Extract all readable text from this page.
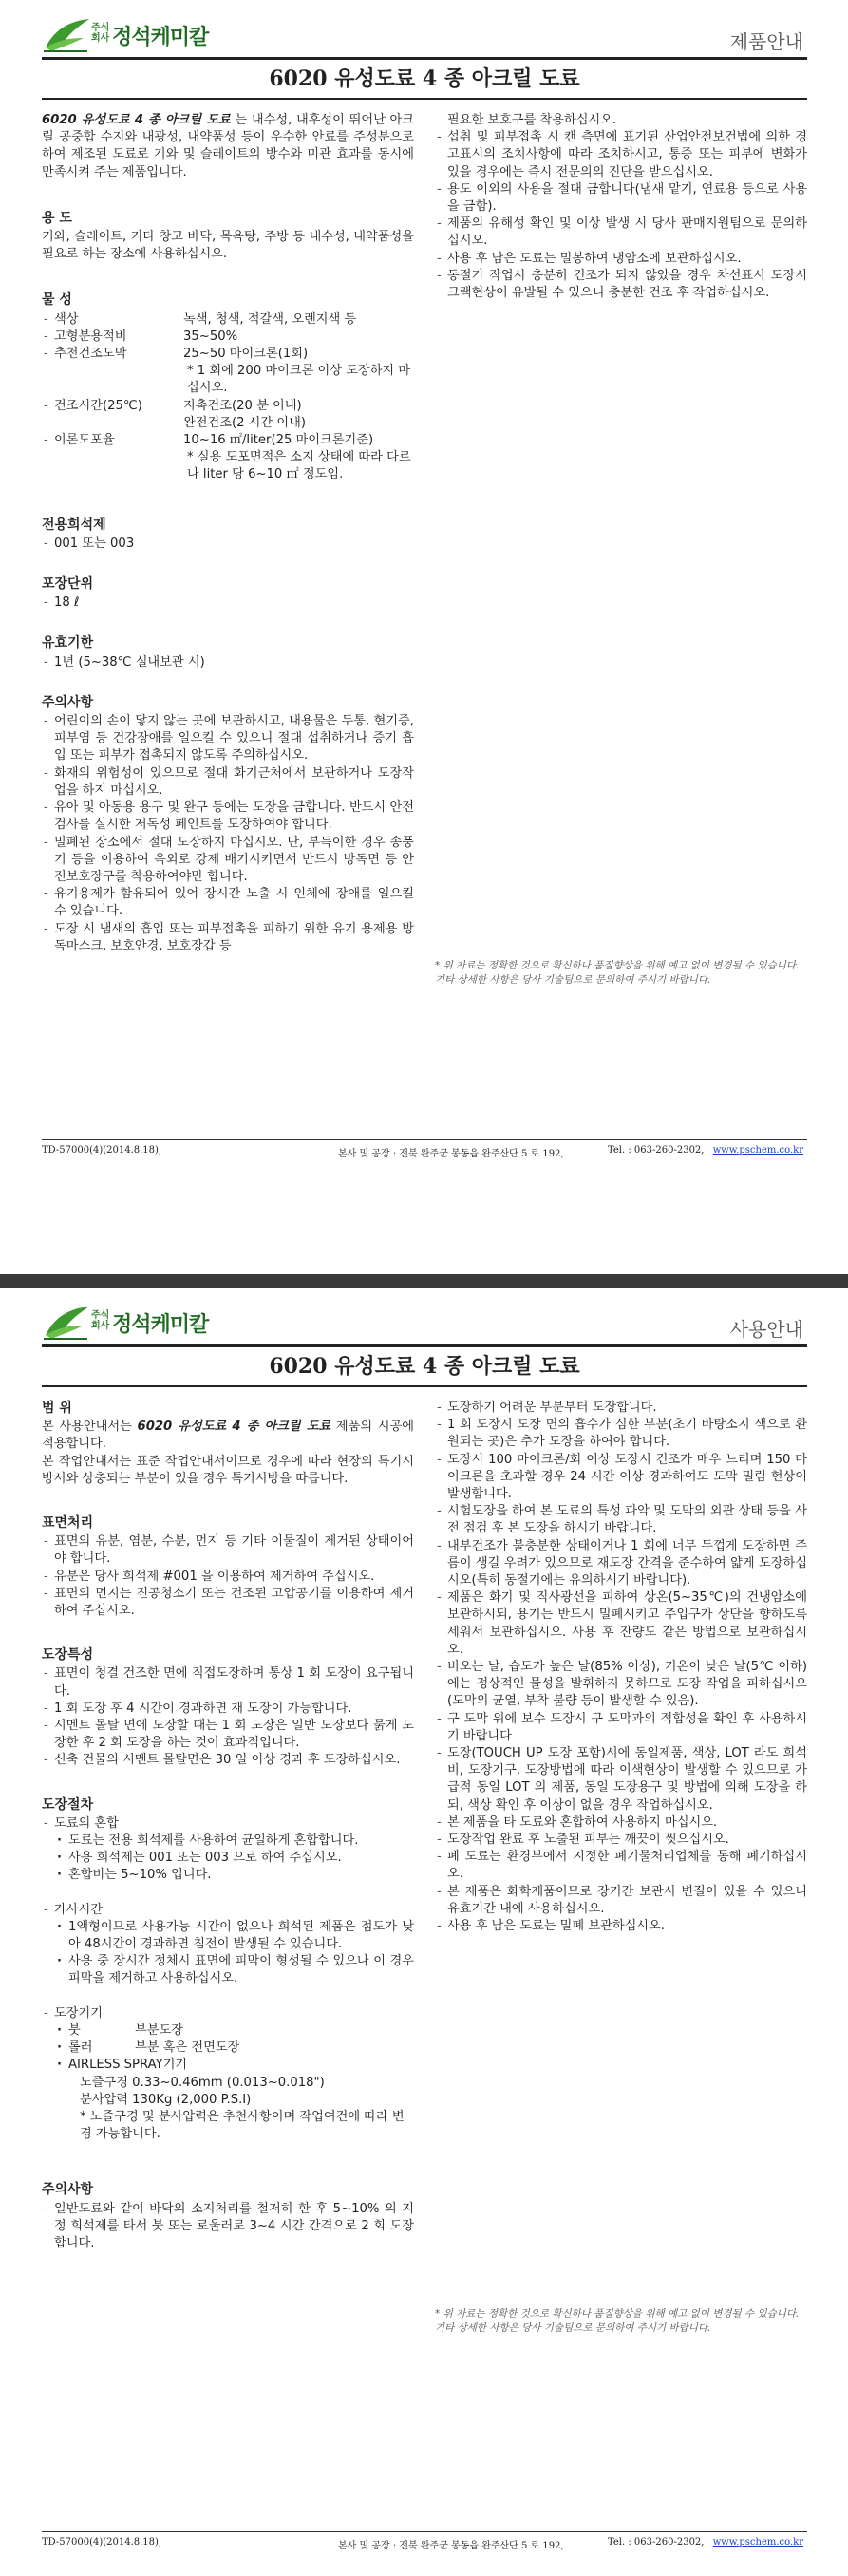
주식
회사 정석케미칼	제품안내
6020 유성도료 4 종 아크릴 도료

6020 유성도료 4 종 아크릴 도료 는 내수성, 내후성이 뛰어난 아크릴 공중합 수지와 내광성, 내약품성 등이 우수한 안료를 주성분으로 하여 제조된 도료로 기와 및 슬레이트의 방수와 미관 효과를 동시에 만족시켜 주는 제품입니다.

용 도

기와, 슬레이트, 기타 창고 바닥, 목욕탕, 주방 등 내수성, 내약품성을 필요로 하는 장소에 사용하십시오.

물 성
- 색상	녹색, 청색, 적갈색, 오렌지색 등
- 고형분용적비	35~50%
- 추천건조도막	25~50 마이크론(1회)
* 1 회에 200 마이크론 이상 도장하지 마십시오.
- 건조시간(25℃)	지촉건조(20 분 이내)
완전건조(2 시간 이내)
- 이론도포율	10~16 ㎡/liter(25 마이크론기준)
* 실용 도포면적은 소지 상태에 따라 다르나 liter 당 6~10 ㎡ 정도임.
전용희석제
- 001 또는 003
포장단위
- 18 ℓ
유효기한
- 1년 (5~38℃ 실내보관 시)
주의사항
- 어린이의 손이 닿지 않는 곳에 보관하시고, 내용물은 두통, 현기증, 피부염 등 건강장애를 일으킬 수 있으니 절대 섭취하거나 증기 흡입 또는 피부가 접촉되지 않도록 주의하십시오.
- 화재의 위험성이 있으므로 절대 화기근처에서 보관하거나 도장작업을 하지 마십시오.
- 유아 및 아동용 용구 및 완구 등에는 도장을 금합니다. 반드시 안전검사를 실시한 저독성 페인트를 도장하여야 합니다.
- 밀폐된 장소에서 절대 도장하지 마십시오. 단, 부득이한 경우 송풍기 등을 이용하여 옥외로 강제 배기시키면서 반드시 방독면 등 안전보호장구를 착용하여야만 합니다.
- 유기용제가 함유되어 있어 장시간 노출 시 인체에 장애를 일으킬 수 있습니다.
- 도장 시 냄새의 흡입 또는 피부접촉을 피하기 위한 유기 용제용 방독마스크, 보호안경, 보호장갑 등

필요한 보호구를 착용하십시오.

- 섭취 및 피부접촉 시 캔 측면에 표기된 산업안전보건법에 의한 경고표시의 조치사항에 따라 조치하시고, 통증 또는 피부에 변화가 있을 경우에는 즉시 전문의의 진단을 받으십시오.
- 용도 이외의 사용을 절대 금합니다(냄새 맡기, 연료용 등으로 사용을 금함).
- 제품의 유해성 확인 및 이상 발생 시 당사 판매지원팀으로 문의하십시오.
- 사용 후 남은 도료는 밀봉하여 냉암소에 보관하십시오.
- 동절기 작업시 충분히 건조가 되지 않았을 경우 차선표시 도장시 크랙현상이 유발될 수 있으니 충분한 건조 후 작업하십시오.
* 위 자료는 정확한 것으로 확신하나 품질향상을 위해 예고 없이 변경될 수 있습니다. 기타 상세한 사항은 당사 기술팀으로 문의하여 주시기 바랍니다.
TD-57000(4)(2014.8.18),	본사 및 공장 : 전북 완주군 봉동읍 완주산단 5 로 192,	Tel. : 063-260-2302, www.pschem.co.kr
주식
회사 정석케미칼	사용안내
6020 유성도료 4 종 아크릴 도료
범 위

본 사용안내서는 6020 유성도료 4 종 아크릴 도료 제품의 시공에 적용합니다.

본 작업안내서는 표준 작업안내서이므로 경우에 따라 현장의 특기시방서와 상충되는 부분이 있을 경우 특기시방을 따릅니다.

표면처리
- 표면의 유분, 염분, 수분, 먼지 등 기타 이물질이 제거된 상태이어야 합니다.
- 유분은 당사 희석제 #001 을 이용하여 제거하여 주십시오.
- 표면의 먼지는 진공청소기 또는 건조된 고압공기를 이용하여 제거하여 주십시오.
도장특성
- 표면이 청결 건조한 면에 직접도장하며 통상 1 회 도장이 요구됩니다.
- 1 회 도장 후 4 시간이 경과하면 재 도장이 가능합니다.
- 시멘트 몰탈 면에 도장할 때는 1 회 도장은 일반 도장보다 묽게 도장한 후 2 회 도장을 하는 것이 효과적입니다.
- 신축 건물의 시멘트 몰탈면은 30 일 이상 경과 후 도장하십시오.
도장절차
- 도료의 혼합
· 도료는 전용 희석제를 사용하여 균일하게 혼합합니다.
· 사용 희석제는 001 또는 003 으로 하여 주십시오.
· 혼합비는 5~10% 입니다.
- 가사시간
· 1액형이므로 사용가능 시간이 없으나 희석된 제품은 점도가 낮아 48시간이 경과하면 침전이 발생될 수 있습니다.
· 사용 중 장시간 정체시 표면에 피막이 형성될 수 있으나 이 경우 피막을 제거하고 사용하십시오.
- 도장기기
· 붓	부분도장
· 롤러	부분 혹은 전면도장
· AIRLESS SPRAY기기
노즐구경 0.33~0.46mm (0.013~0.018")
분사압력 130Kg (2,000 P.S.I)
* 노즐구경 및 분사압력은 추천사항이며 작업여건에 따라 변경 가능합니다.
주의사항
- 일반도료와 같이 바닥의 소지처리를 철저히 한 후 5~10% 의 지정 희석제를 타서 붓 또는 로울러로 3~4 시간 간격으로 2 회 도장합니다.
- 도장하기 어려운 부분부터 도장합니다.
- 1 회 도장시 도장 면의 흡수가 심한 부분(초기 바탕소지 색으로 환원되는 곳)은 추가 도장을 하여야 합니다.
- 도장시 100 마이크론/회 이상 도장시 건조가 매우 느리며 150 마이크론을 초과할 경우 24 시간 이상 경과하여도 도막 밀림 현상이 발생합니다.
- 시험도장을 하여 본 도료의 특성 파악 및 도막의 외관 상태 등을 사전 점검 후 본 도장을 하시기 바랍니다.
- 내부건조가 불충분한 상태이거나 1 회에 너무 두껍게 도장하면 주름이 생길 우려가 있으므로 재도장 간격을 준수하여 얇게 도장하십시오(특히 동절기에는 유의하시기 바랍니다).
- 제품은 화기 및 직사광선을 피하여 상온(5~35℃)의 건냉암소에 보관하시되, 용기는 반드시 밀폐시키고 주입구가 상단을 향하도록 세워서 보관하십시오. 사용 후 잔량도 같은 방법으로 보관하십시오.
- 비오는 날, 습도가 높은 날(85% 이상), 기온이 낮은 날(5℃ 이하)에는 정상적인 물성을 발휘하지 못하므로 도장 작업을 피하십시오(도막의 균열, 부착 불량 등이 발생할 수 있음).
- 구 도막 위에 보수 도장시 구 도막과의 적합성을 확인 후 사용하시기 바랍니다
- 도장(TOUCH UP 도장 포함)시에 동일제품, 색상, LOT 라도 희석비, 도장기구, 도장방법에 따라 이색현상이 발생할 수 있으므로 가급적 동일 LOT 의 제품, 동일 도장용구 및 방법에 의해 도장을 하되, 색상 확인 후 이상이 없을 경우 작업하십시오.
- 본 제품을 타 도료와 혼합하여 사용하지 마십시오.
- 도장작업 완료 후 노출된 피부는 깨끗이 씻으십시오.
- 폐 도료는 환경부에서 지정한 폐기물처리업체를 통해 폐기하십시오.
- 본 제품은 화학제품이므로 장기간 보관시 변질이 있을 수 있으니 유효기간 내에 사용하십시오.
- 사용 후 남은 도료는 밀폐 보관하십시오.
* 위 자료는 정확한 것으로 확신하나 품질향상을 위해 예고 없이 변경될 수 있습니다. 기타 상세한 사항은 당사 기술팀으로 문의하여 주시기 바랍니다.
TD-57000(4)(2014.8.18),	본사 및 공장 : 전북 완주군 봉동읍 완주산단 5 로 192,	Tel. : 063-260-2302, www.pschem.co.kr
